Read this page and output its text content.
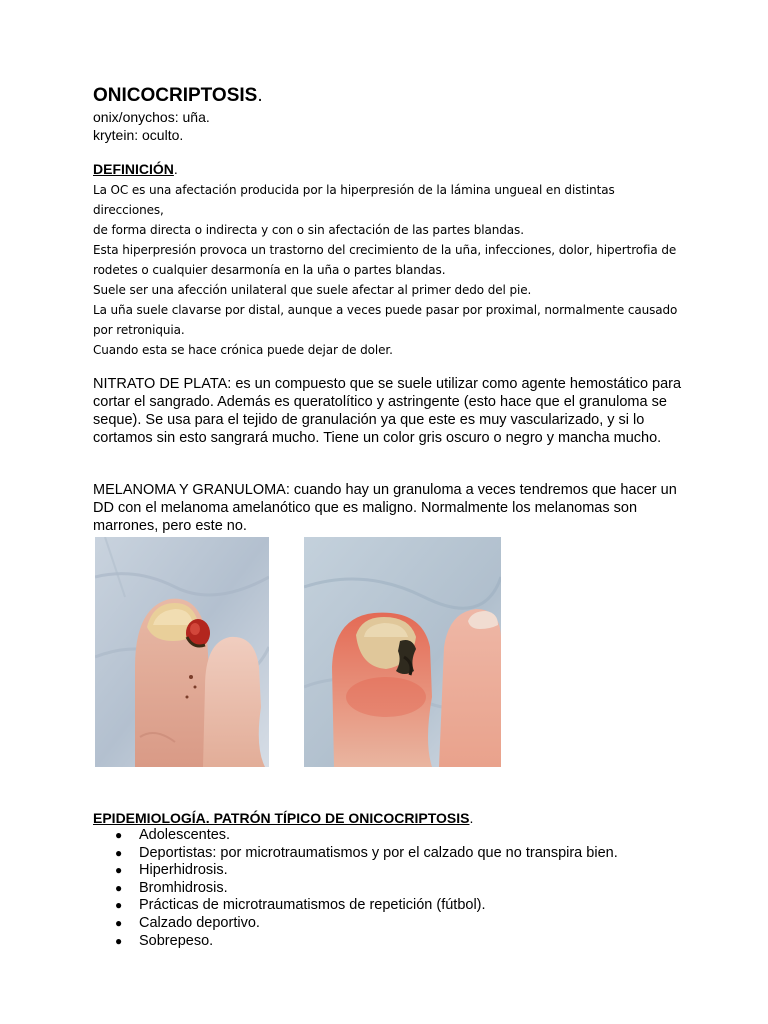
ONICOCRIPTOSIS.

onix/onychos: uña.

krytein: oculto.

DEFINICIÓN.

La OC es una afectación producida por la hiperpresión de la lámina ungueal en distintas direcciones,

de forma directa o indirecta y con o sin afectación de las partes blandas.

Esta hiperpresión provoca un trastorno del crecimiento de la uña, infecciones, dolor, hipertrofia de

rodetes o cualquier desarmonía en la uña o partes blandas.

Suele ser una afección unilateral que suele afectar al primer dedo del pie.

La uña suele clavarse por distal, aunque a veces puede pasar por proximal, normalmente causado

por retroniquia.

Cuando esta se hace crónica puede dejar de doler.

NITRATO DE PLATA: es un compuesto que se suele utilizar como agente hemostático para

cortar el sangrado. Además es queratolítico y astringente (esto hace que el granuloma se

seque). Se usa para el tejido de granulación ya que este es muy vascularizado, y si lo

cortamos sin esto sangrará mucho. Tiene un color gris oscuro o negro y mancha mucho.

MELANOMA Y GRANULOMA: cuando hay un granuloma a veces tendremos que hacer un

DD con el melanoma amelanótico que es maligno. Normalmente los melanomas son

marrones, pero este no.

EPIDEMIOLOGÍA. PATRÓN TÍPICO DE ONICOCRIPTOSIS.
● Adolescentes.
● Deportistas: por microtraumatismos y por el calzado que no transpira bien.
● Hiperhidrosis.
● Bromhidrosis.
● Prácticas de microtraumatismos de repetición (fútbol).
● Calzado deportivo.
● Sobrepeso.
